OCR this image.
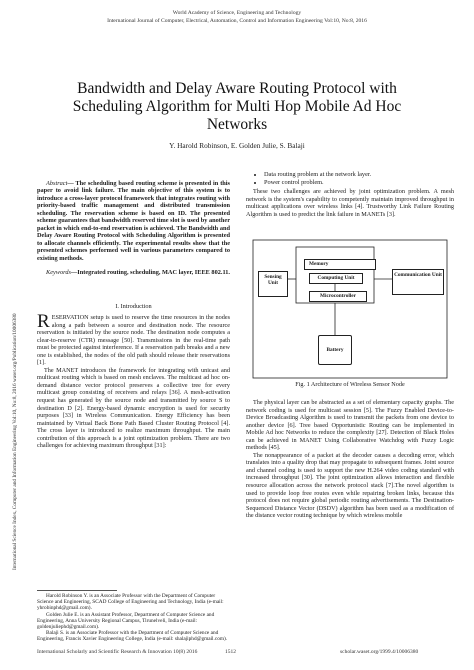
World Academy of Science, Engineering and Technology
International Journal of Computer, Electrical, Automation, Control and Information Engineering Vol:10, No:8, 2016
Bandwidth and Delay Aware Routing Protocol with
Scheduling Algorithm for Multi Hop Mobile Ad Hoc
Networks
Y. Harold Robinson, E. Golden Julie, S. Balaji
International Science Index, Computer and Information Engineering Vol:10, No:8, 2016 waset.org/Publication/10006380
Abstract— The scheduling based routing scheme is presented in this paper to avoid link failure. The main objective of this system is to introduce a cross-layer protocol framework that integrates routing with priority-based traffic management and distributed transmission scheduling. The reservation scheme is based on ID. The presented scheme guarantees that bandwidth reserved time slot is used by another packet in which end-to-end reservation is achieved. The Bandwidth and Delay Aware Routing Protocol with Scheduling Algorithm is presented to allocate channels efficiently. The experimental results show that the presented schemes performed well in various parameters compared to existing methods.
Keywords—Integrated routing, scheduling, MAC layer, IEEE 802.11.
I. Introduction

RESERVATION setup is used to reserve the time resources in the nodes along a path between a source and destination node. The resource reservation is initiated by the source node. The destination node computes a clear-to-reserve (CTR) message [50]. Transmissions in the real-time path must be protected against interference. If a reservation path breaks and a new one is established, the nodes of the old path should release their reservations [1].

The MANET introduces the framework for integrating with unicast and multicast routing which is based on mesh enclaves. The multicast ad hoc on-demand distance vector protocol preserves a collective tree for every multicast group consisting of receivers and relays [36]. A mesh-activation request has generated by the source node and transmitted by source S to destination D [2]. Energy-based dynamic encryption is used for security purposes [33] in Wireless Communication. Energy Efficiency has been maintained by Virtual Back Bone Path Based Cluster Routing Protocol [4]. The cross layer is introduced to realize maximum throughput. The main contribution of this approach is a joint optimization problem. There are two challenges for achieving maximum throughput [31]:

Harold Robinson Y. is an Associate Professor with the Department of Computer Science and Engineering, SCAD College of Engineering and Technology, India (e-mail: yhrobinphd@gmail.com).
Golden Julie E. is an Assistant Professor, Department of Computer Science and Engineering, Anna University Regional Campus, Tirunelveli, India (e-mail: goldenjuliephd@gmail.com).
Balaji S. is an Associate Professor with the Department of Computer Science and Engineering, Francis Xavier Engineering College, India (e-mail: shalajiphd@gmail.com).
• Data routing problem at the network layer.
• Power control problem.

These two challenges are achieved by joint optimization problem. A mesh network is the system's capability to competently maintain improved throughput in multicast applications over wireless links [4]. Trustworthy Link Failure Routing Algorithm is used to predict the link failure in MANETs [3].

Memory
Computing Unit
Microcontroller
Sensing Unit
Communication Unit
Battery
Fig. 1 Architecture of Wireless Sensor Node

The physical layer can be abstracted as a set of elementary capacity graphs. The network coding is used for multicast session [5]. The Fuzzy Enabled Device-to-Device Broadcasting Algorithm is used to transmit the packets from one device to another device [6]. Tree based Opportunistic Routing can be implemented in Mobile Ad hoc Networks to reduce the complexity [27]. Detection of Black Holes can be achieved in MANET Using Collaborative Watchdog with Fuzzy Logic methods [45].

The nonappearance of a packet at the decoder causes a decoding error, which translates into a quality drop that may propagate to subsequent frames. Joint source and channel coding is used to support the new H.264 video coding standard with increased throughput [30]. The joint optimization allows interaction and flexible resource allocation across the network protocol stack [7].The novel algorithm is used to provide loop free routes even while repairing broken links, because this protocol does not require global periodic routing advertisements. The Destination-Sequenced Distance Vector (DSDV) algorithm has been used as a modification of the distance vector routing technique by which wireless mobile

International Scholarly and Scientific Research & Innovation 10(8) 2016	1512	scholar.waset.org/1999.4/10006380
